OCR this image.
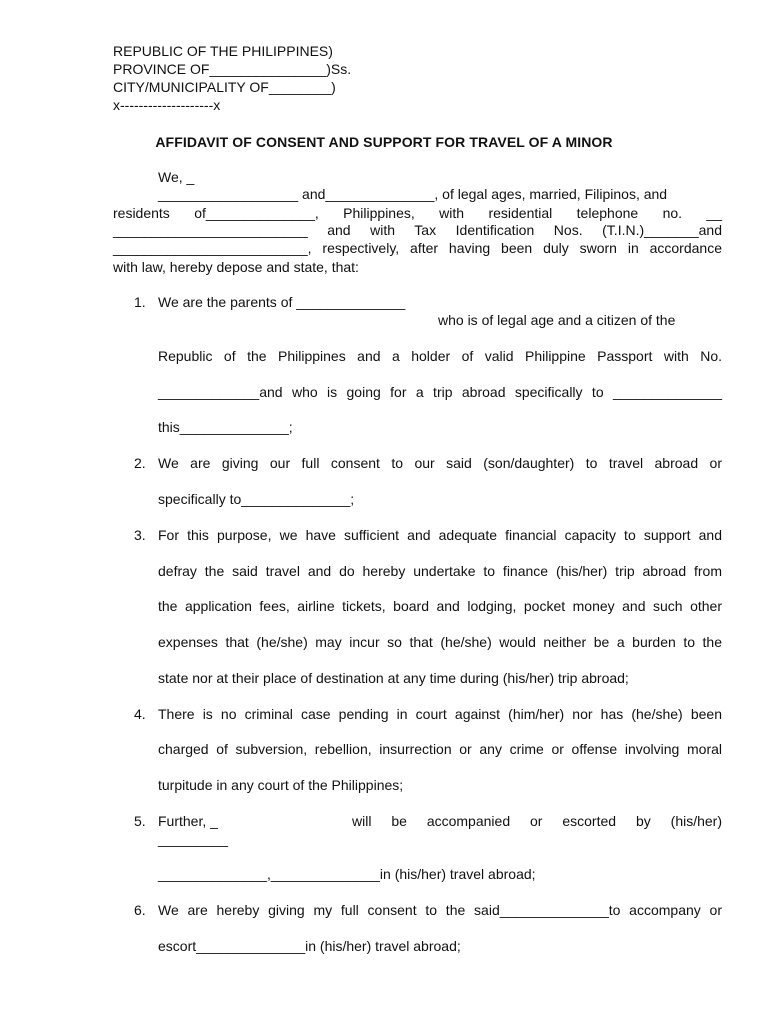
REPUBLIC OF THE PHILIPPINES)
PROVINCE OF_______________)Ss.
CITY/MUNICIPALITY OF________)
x--------------------x
AFFIDAVIT OF CONSENT AND SUPPORT FOR TRAVEL OF A MINOR
We, _
__________________ and______________, of legal ages, married, Filipinos, and
residents of______________, Philippines, with residential telephone no. __
_________________________ and with Tax Identification Nos. (T.I.N.)_______and
_________________________, respectively, after having been duly sworn in accordance
with law, hereby depose and state, that:
1. We are the parents of ______________
who is of legal age and a citizen of the
Republic of the Philippines and a holder of valid Philippine Passport with No.
_____________and who is going for a trip abroad specifically to ______________
this______________;
2. We are giving our full consent to our said (son/daughter) to travel abroad or
specifically to______________;
3. For this purpose, we have sufficient and adequate financial capacity to support and
defray the said travel and do hereby undertake to finance (his/her) trip abroad from
the application fees, airline tickets, board and lodging, pocket money and such other
expenses that (he/she) may incur so that (he/she) would neither be a burden to the
state nor at their place of destination at any time during (his/her) trip abroad;
4. There is no criminal case pending in court against (him/her) nor has (he/she) been
charged of subversion, rebellion, insurrection or any crime or offense involving moral
turpitude in any court of the Philippines;
5. Further, _	will be accompanied or escorted by (his/her)
_________
______________,______________in (his/her) travel abroad;
6. We are hereby giving my full consent to the said______________to accompany or
escort______________in (his/her) travel abroad;
